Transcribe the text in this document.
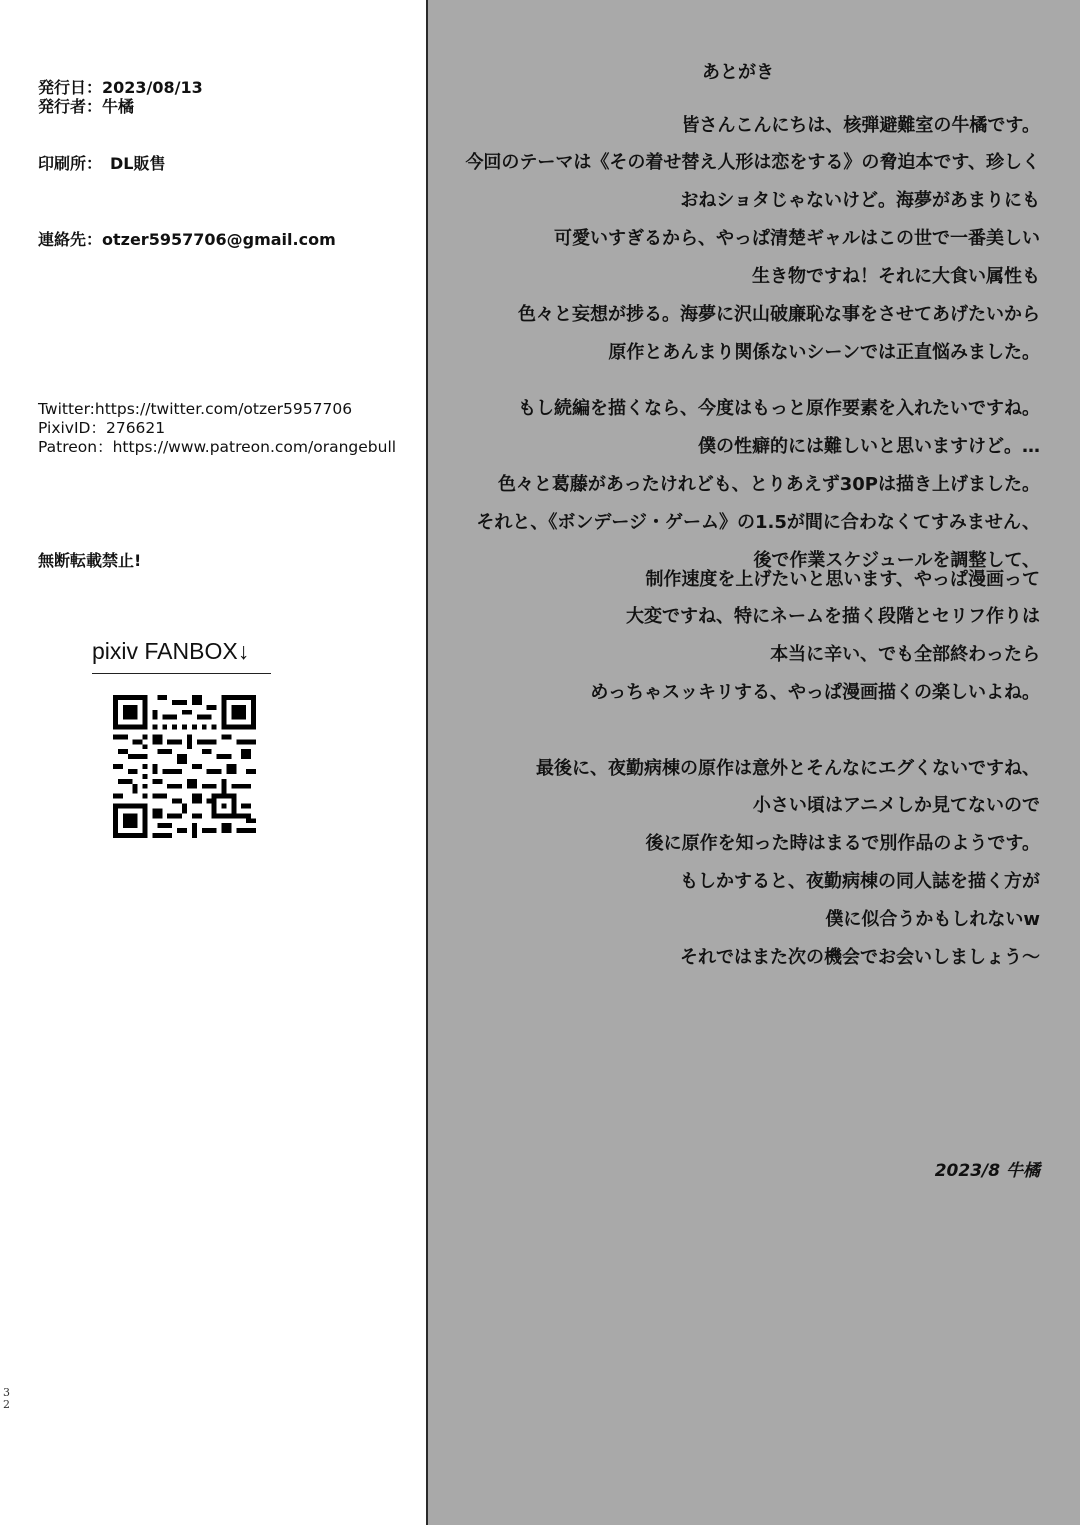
発行日：2023/08/13
発行者：牛橘
印刷所：　DL販售
連絡先：otzer5957706@gmail.com
Twitter:https://twitter.com/otzer5957706
PixivID：276621
Patreon：https://www.patreon.com/orangebull
無断転載禁止!
pixiv FANBOX↓
3
2
あとがき
皆さんこんにちは、核弾避難室の牛橘です。
今回のテーマは《その着せ替え人形は恋をする》の脅迫本です、珍しく
おねショタじゃないけど。海夢があまりにも
可愛いすぎるから、やっぱ清楚ギャルはこの世で一番美しい
生き物ですね！それに大食い属性も
色々と妄想が捗る。海夢に沢山破廉恥な事をさせてあげたいから
原作とあんまり関係ないシーンでは正直悩みました。
もし続編を描くなら、今度はもっと原作要素を入れたいですね。
僕の性癖的には難しいと思いますけど。…
色々と葛藤があったけれども、とりあえず30Pは描き上げました。
それと、《ボンデージ・ゲーム》の1.5が間に合わなくてすみません、
後で作業スケジュールを調整して、
制作速度を上げたいと思います、やっぱ漫画って
大変ですね、特にネームを描く段階とセリフ作りは
本当に辛い、でも全部終わったら
めっちゃスッキリする、やっぱ漫画描くの楽しいよね。
最後に、夜勤病棟の原作は意外とそんなにエグくないですね、
小さい頃はアニメしか見てないので
後に原作を知った時はまるで別作品のようです。
もしかすると、夜勤病棟の同人誌を描く方が
僕に似合うかもしれないw
それではまた次の機会でお会いしましょう～
2023/8 牛橘
